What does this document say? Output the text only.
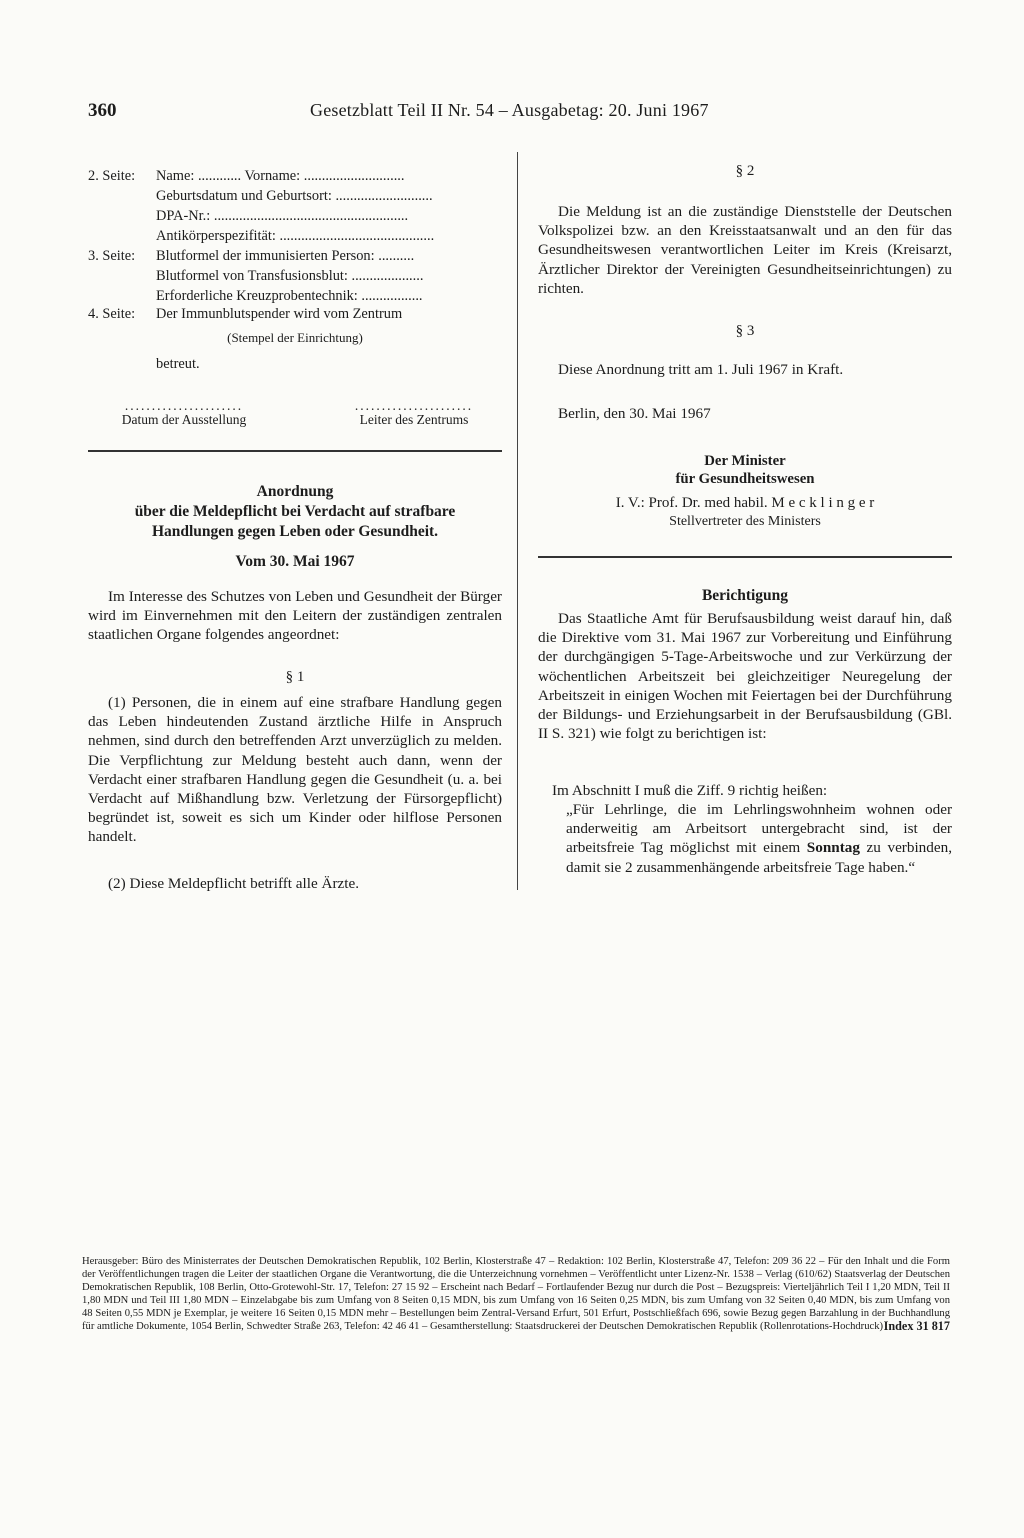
360	Gesetzblatt Teil II Nr. 54 – Ausgabetag: 20. Juni 1967
2. Seite: Name: ............ Vorname: ............................
Geburtsdatum und Geburtsort: ...........................
DPA-Nr.: ......................................................
Antikörperspezifität: ...........................................
3. Seite: Blutformel der immunisierten Person: ..........
Blutformel von Transfusionsblut: ....................
Erforderliche Kreuzprobentechnik: .................
4. Seite: Der Immunblutspender wird vom Zentrum
(Stempel der Einrichtung)
betreut.
......................
Datum der Ausstellung
......................
Leiter des Zentrums
Anordnung
über die Meldepflicht bei Verdacht auf strafbare
Handlungen gegen Leben oder Gesundheit.
Vom 30. Mai 1967
Im Interesse des Schutzes von Leben und Gesundheit der Bürger wird im Einvernehmen mit den Leitern der zuständigen zentralen staatlichen Organe folgendes angeordnet:
§ 1
(1) Personen, die in einem auf eine strafbare Handlung gegen das Leben hindeutenden Zustand ärztliche Hilfe in Anspruch nehmen, sind durch den betreffenden Arzt unverzüglich zu melden. Die Verpflichtung zur Meldung besteht auch dann, wenn der Verdacht einer strafbaren Handlung gegen die Gesundheit (u. a. bei Verdacht auf Mißhandlung bzw. Verletzung der Fürsorgepflicht) begründet ist, soweit es sich um Kinder oder hilflose Personen handelt.
(2) Diese Meldepflicht betrifft alle Ärzte.
§ 2
Die Meldung ist an die zuständige Dienststelle der Deutschen Volkspolizei bzw. an den Kreisstaatsanwalt und an den für das Gesundheitswesen verantwortlichen Leiter im Kreis (Kreisarzt, Ärztlicher Direktor der Vereinigten Gesundheitseinrichtungen) zu richten.
§ 3
Diese Anordnung tritt am 1. Juli 1967 in Kraft.
Berlin, den 30. Mai 1967
Der Minister
für Gesundheitswesen
I. V.: Prof. Dr. med habil. M e c k l i n g e r
Stellvertreter des Ministers
Berichtigung
Das Staatliche Amt für Berufsausbildung weist darauf hin, daß die Direktive vom 31. Mai 1967 zur Vorbereitung und Einführung der durchgängigen 5-Tage-Arbeitswoche und zur Verkürzung der wöchentlichen Arbeitszeit bei gleichzeitiger Neuregelung der Arbeitszeit in einigen Wochen mit Feiertagen bei der Durchführung der Bildungs- und Erziehungsarbeit in der Berufsausbildung (GBl. II S. 321) wie folgt zu berichtigen ist:
Im Abschnitt I muß die Ziff. 9 richtig heißen:
„Für Lehrlinge, die im Lehrlingswohnheim wohnen oder anderweitig am Arbeitsort untergebracht sind, ist der arbeitsfreie Tag möglichst mit einem Sonntag zu verbinden, damit sie 2 zusammenhängende arbeitsfreie Tage haben.“
Herausgeber: Büro des Ministerrates der Deutschen Demokratischen Republik, 102 Berlin, Klosterstraße 47 – Redaktion: 102 Berlin, Klosterstraße 47, Telefon: 209 36 22 – Für den Inhalt und die Form der Veröffentlichungen tragen die Leiter der staatlichen Organe die Verantwortung, die die Unterzeichnung vornehmen – Veröffentlicht unter Lizenz-Nr. 1538 – Verlag (610/62) Staatsverlag der Deutschen Demokratischen Republik, 108 Berlin, Otto-Grotewohl-Str. 17, Telefon: 27 15 92 – Erscheint nach Bedarf – Fortlaufender Bezug nur durch die Post – Bezugspreis: Vierteljährlich Teil I 1,20 MDN, Teil II 1,80 MDN und Teil III 1,80 MDN – Einzelabgabe bis zum Umfang von 8 Seiten 0,15 MDN, bis zum Umfang von 16 Seiten 0,25 MDN, bis zum Umfang von 32 Seiten 0,40 MDN, bis zum Umfang von 48 Seiten 0,55 MDN je Exemplar, je weitere 16 Seiten 0,15 MDN mehr – Bestellungen beim Zentral-Versand Erfurt, 501 Erfurt, Postschließfach 696, sowie Bezug gegen Barzahlung in der Buchhandlung für amtliche Dokumente, 1054 Berlin, Schwedter Straße 263, Telefon: 42 46 41 – Gesamtherstellung: Staatsdruckerei der Deutschen Demokratischen Republik (Rollenrotations-Hochdruck) Index 31 817
